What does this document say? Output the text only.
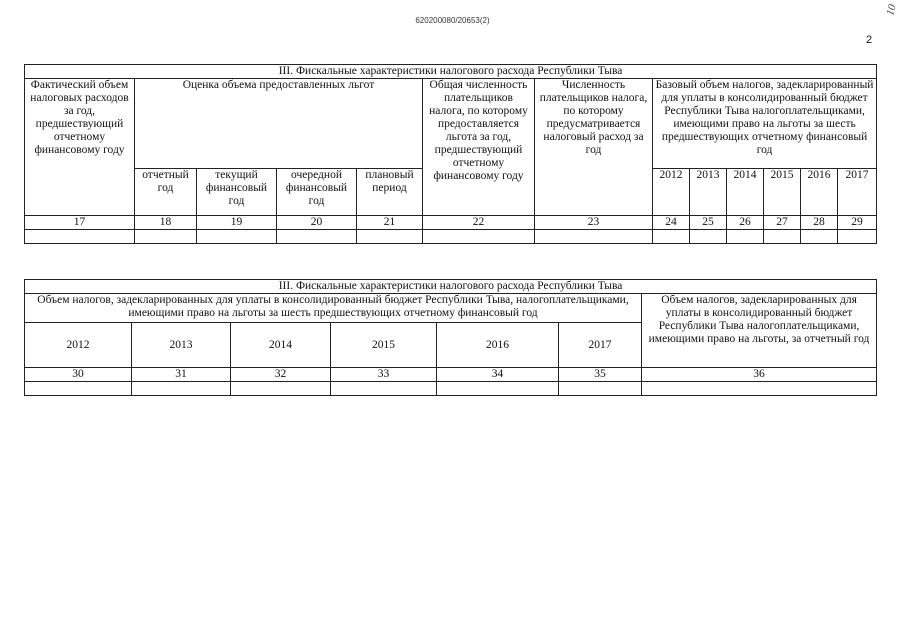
620200080/20653(2)
10
2
III. Фискальные характеристики налогового расхода Республики Тыва												
Фактический объем налоговых расходов за год, предшествующий отчетному финансовому году	Оценка объема предоставленных льгот				Общая численность плательщиков налога, по которому предоставляется льгота за год, предшествующий отчетному финансовому году	Численность плательщиков налога, по которому предусматривается налоговый расход за год	Базовый объем налогов, задекларированный для уплаты в консолидированный бюджет Республики Тыва налогоплательщиками, имеющими право на льготы за шесть предшествующих отчетному финансовый год					
	отчетный год	текущий финансовый год	очередной финансовый год	плановый период			2012	2013	2014	2015	2016	2017
17	18	19	20	21	22	23	24	25	26	27	28	29

III. Фискальные характеристики налогового расхода Республики Тыва						
Объем налогов, задекларированных для уплаты в консолидированный бюджет Республики Тыва, налогоплательщиками, имеющими право на льготы за шесть предшествующих отчетному финансовый год						Объем налогов, задекларированных для уплаты в консолидированный бюджет Республики Тыва налогоплательщиками, имеющими право на льготы, за отчетный год
2012	2013	2014	2015	2016	2017	
30	31	32	33	34	35	36
